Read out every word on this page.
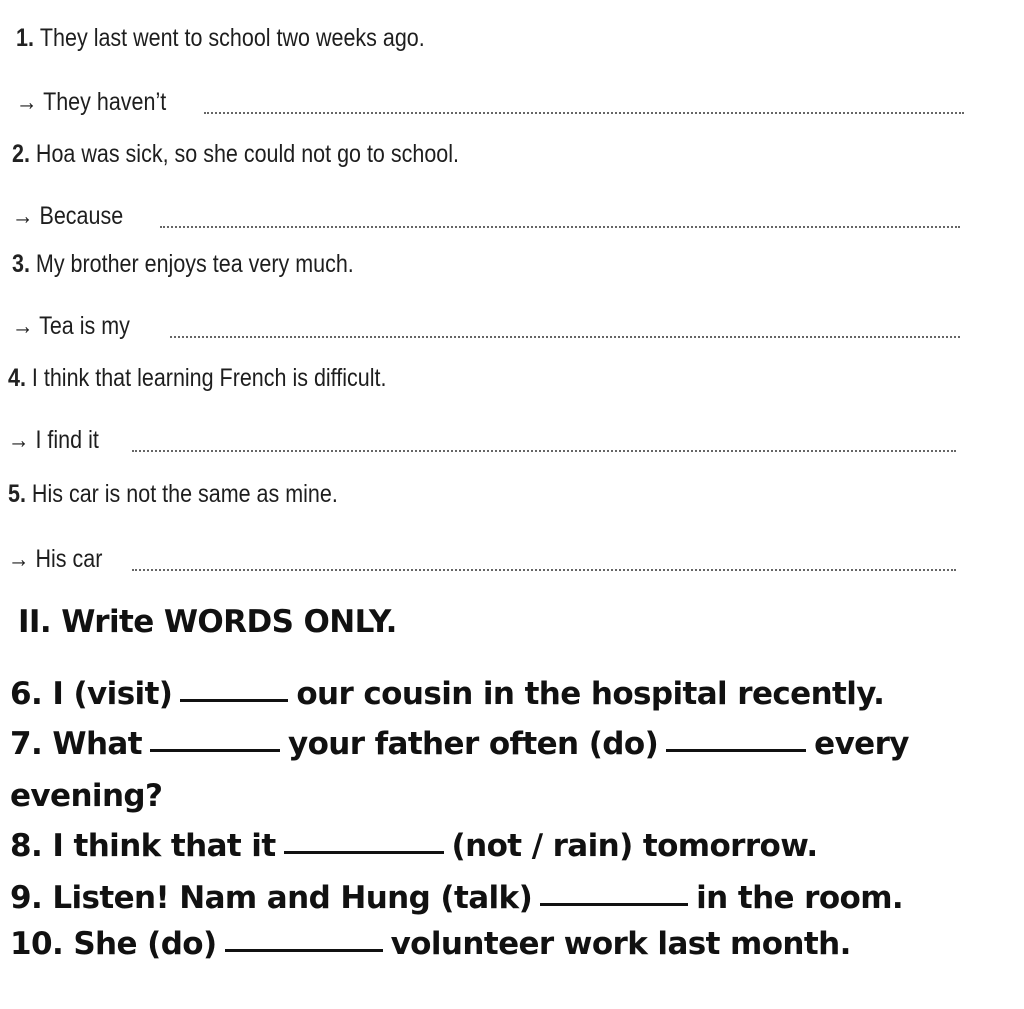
1.
They last went to school two weeks ago.
→ They haven’t
2.
Hoa was sick, so she could not go to school.
→ Because
3.
My brother enjoys tea very much.
→ Tea is my
4.
I think that learning French is difficult.
→ I find it
5.
His car is not the same as mine.
→ His car
II. Write WORDS ONLY.
6. I (visit)	our cousin in the hospital recently.
7. What	your father often (do)	every
evening?
8. I think that it	(not / rain) tomorrow.
9. Listen! Nam and Hung (talk)	in the room.
10. She (do)	volunteer work last month.
